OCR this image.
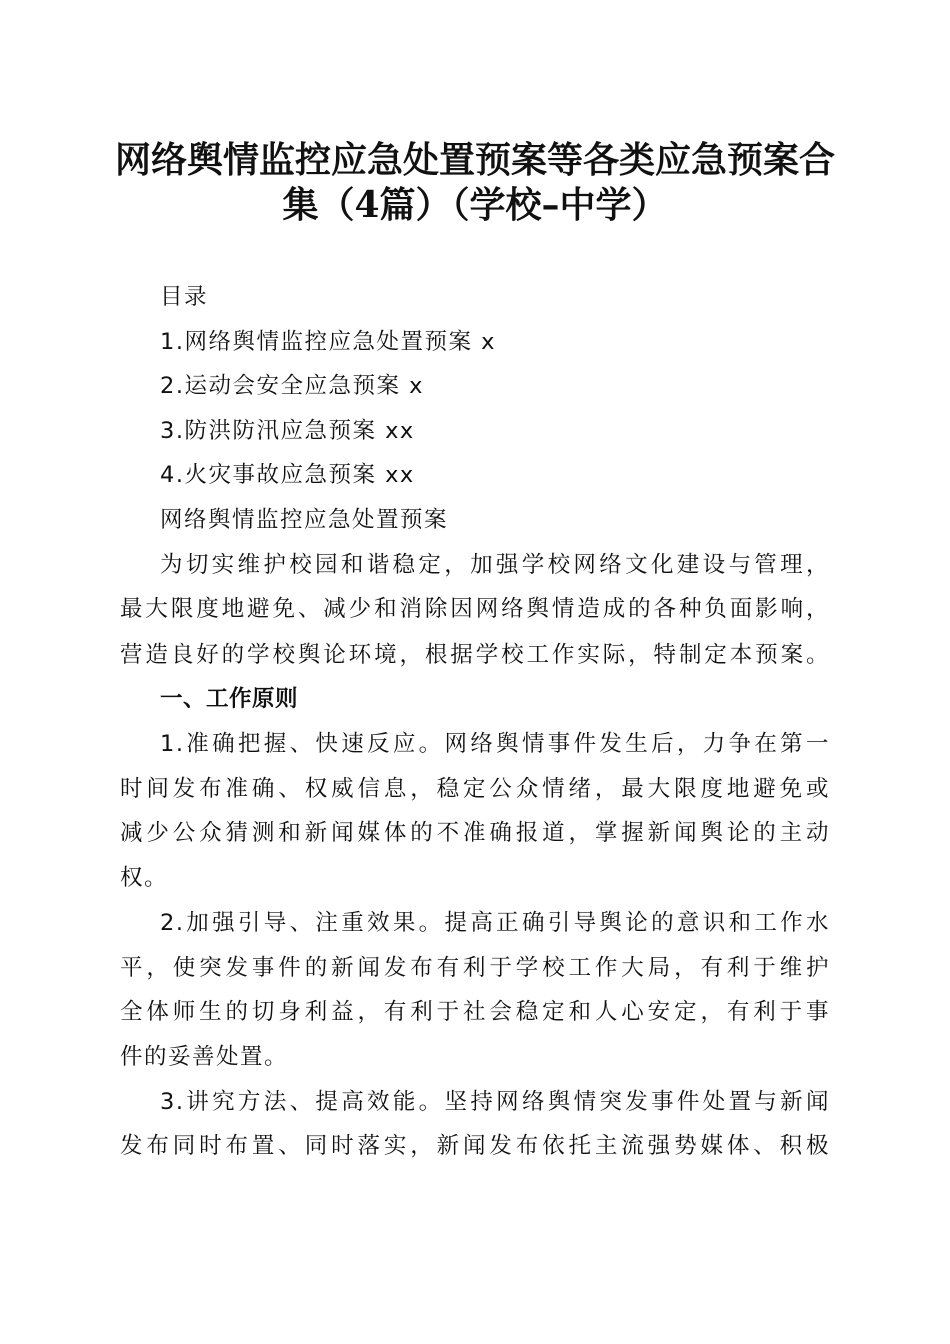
网络舆情监控应急处置预案等各类应急预案合
集（4篇）（学校–中学）

目录

1.网络舆情监控应急处置预案 x

2.运动会安全应急预案 x

3.防洪防汛应急预案 xx

4.火灾事故应急预案 xx

网络舆情监控应急处置预案

为切实维护校园和谐稳定，加强学校网络文化建设与管理，

最大限度地避免、减少和消除因网络舆情造成的各种负面影响，

营造良好的学校舆论环境，根据学校工作实际，特制定本预案。

一、工作原则

1.准确把握、快速反应。网络舆情事件发生后，力争在第一

时间发布准确、权威信息，稳定公众情绪，最大限度地避免或

减少公众猜测和新闻媒体的不准确报道，掌握新闻舆论的主动

权。

2.加强引导、注重效果。提高正确引导舆论的意识和工作水

平，使突发事件的新闻发布有利于学校工作大局，有利于维护

全体师生的切身利益，有利于社会稳定和人心安定，有利于事

件的妥善处置。

3.讲究方法、提高效能。坚持网络舆情突发事件处置与新闻

发布同时布置、同时落实，新闻发布依托主流强势媒体、积极
